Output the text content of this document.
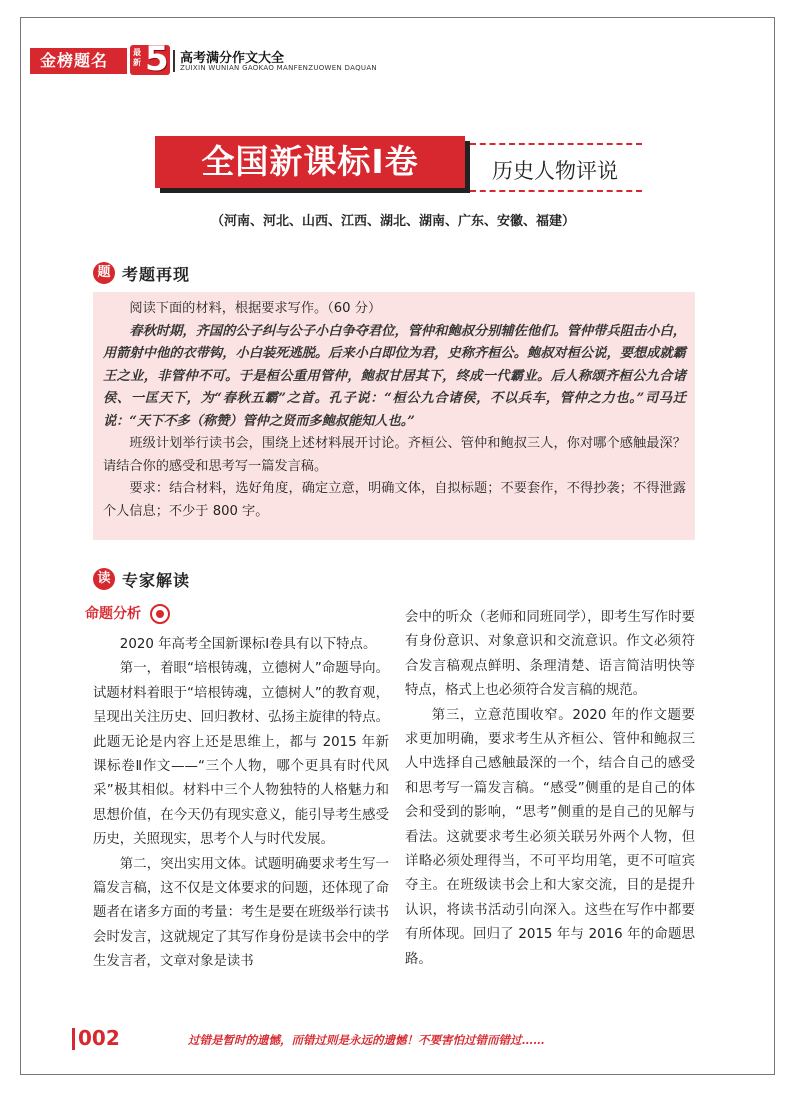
金榜题名	最新 5 高考满分作文大全
ZUIXIN WUNIAN GAOKAO MANFENZUOWEN DAQUAN
全国新课标Ⅰ卷	历史人物评说
（河南、河北、山西、江西、湖北、湖南、广东、安徽、福建）
题 考题再现

阅读下面的材料，根据要求写作。（60 分）

春秋时期，齐国的公子纠与公子小白争夺君位，管仲和鲍叔分别辅佐他们。管仲带兵阻击小白，用箭射中他的衣带钩，小白装死逃脱。后来小白即位为君，史称齐桓公。鲍叔对桓公说，要想成就霸王之业，非管仲不可。于是桓公重用管仲，鲍叔甘居其下，终成一代霸业。后人称颂齐桓公九合诸侯、一匡天下，为“春秋五霸”之首。孔子说：“桓公九合诸侯，不以兵车，管仲之力也。”司马迁说：“天下不多（称赞）管仲之贤而多鲍叔能知人也。”

班级计划举行读书会，围绕上述材料展开讨论。齐桓公、管仲和鲍叔三人，你对哪个感触最深？请结合你的感受和思考写一篇发言稿。

要求：结合材料，选好角度，确定立意，明确文体，自拟标题；不要套作，不得抄袭；不得泄露个人信息；不少于 800 字。

读 专家解读
命题分析

2020 年高考全国新课标Ⅰ卷具有以下特点。

第一，着眼“培根铸魂，立德树人”命题导向。试题材料着眼于“培根铸魂，立德树人”的教育观，呈现出关注历史、回归教材、弘扬主旋律的特点。此题无论是内容上还是思维上，都与 2015 年新课标卷Ⅱ作文——“三个人物，哪个更具有时代风采”极其相似。材料中三个人物独特的人格魅力和思想价值，在今天仍有现实意义，能引导考生感受历史，关照现实，思考个人与时代发展。

第二，突出实用文体。试题明确要求考生写一篇发言稿，这不仅是文体要求的问题，还体现了命题者在诸多方面的考量：考生是要在班级举行读书会时发言，这就规定了其写作身份是读书会中的学生发言者，文章对象是读书

会中的听众（老师和同班同学），即考生写作时要有身份意识、对象意识和交流意识。作文必须符合发言稿观点鲜明、条理清楚、语言简洁明快等特点，格式上也必须符合发言稿的规范。

第三，立意范围收窄。2020 年的作文题要求更加明确，要求考生从齐桓公、管仲和鲍叔三人中选择自己感触最深的一个，结合自己的感受和思考写一篇发言稿。“感受”侧重的是自己的体会和受到的影响，“思考”侧重的是自己的见解与看法。这就要求考生必须关联另外两个人物，但详略必须处理得当，不可平均用笔，更不可喧宾夺主。在班级读书会上和大家交流，目的是提升认识，将读书活动引向深入。这些在写作中都要有所体现。回归了 2015 年与 2016 年的命题思路。

002	过错是暂时的遗憾，而错过则是永远的遗憾！不要害怕过错而错过……
